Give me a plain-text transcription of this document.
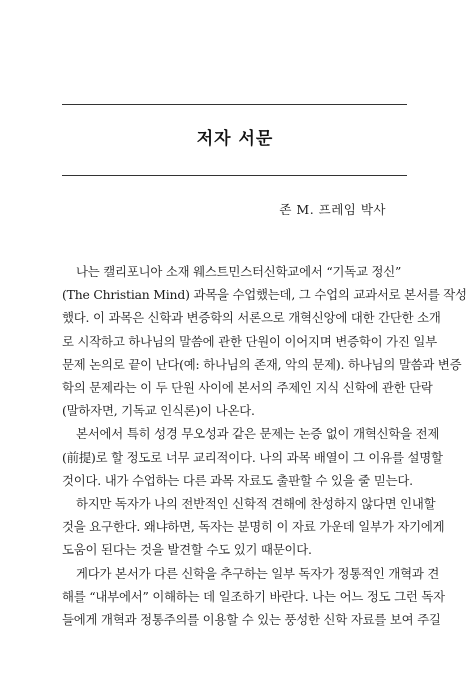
저자 서문
존 M. 프레임 박사

나는 캘리포니아 소재 웨스트민스터신학교에서 “기독교 정신”
(The Christian Mind) 과목을 수업했는데, 그 수업의 교과서로 본서를 작성
했다. 이 과목은 신학과 변증학의 서론으로 개혁신앙에 대한 간단한 소개
로 시작하고 하나님의 말씀에 관한 단원이 이어지며 변증학이 가진 일부
문제 논의로 끝이 난다(예: 하나님의 존재, 악의 문제). 하나님의 말씀과 변증
학의 문제라는 이 두 단원 사이에 본서의 주제인 지식 신학에 관한 단락
(말하자면, 기독교 인식론)이 나온다.

본서에서 특히 성경 무오성과 같은 문제는 논증 없이 개혁신학을 전제
(前提)로 할 정도로 너무 교리적이다. 나의 과목 배열이 그 이유를 설명할
것이다. 내가 수업하는 다른 과목 자료도 출판할 수 있을 줄 믿는다.

하지만 독자가 나의 전반적인 신학적 견해에 찬성하지 않다면 인내할
것을 요구한다. 왜냐하면, 독자는 분명히 이 자료 가운데 일부가 자기에게
도움이 된다는 것을 발견할 수도 있기 때문이다.

게다가 본서가 다른 신학을 추구하는 일부 독자가 정통적인 개혁과 견
해를 “내부에서” 이해하는 데 일조하기 바란다. 나는 어느 정도 그런 독자
들에게 개혁과 정통주의를 이용할 수 있는 풍성한 신학 자료를 보여 주길
